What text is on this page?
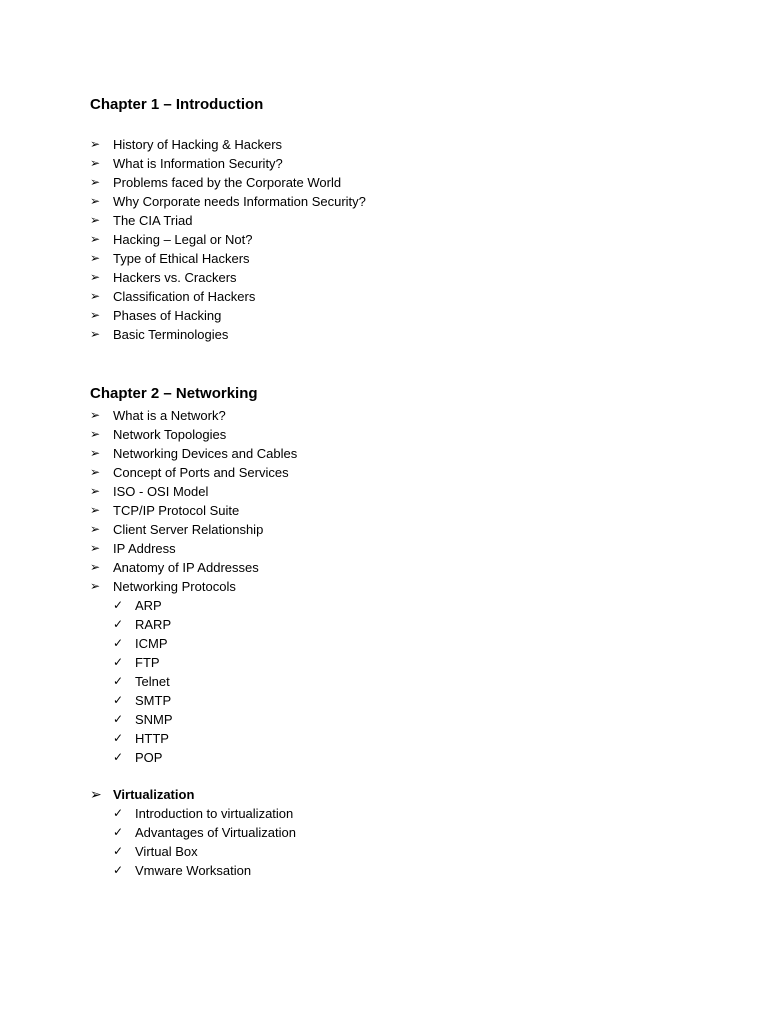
Chapter 1 – Introduction
➢ History of Hacking & Hackers
➢ What is Information Security?
➢ Problems faced by the Corporate World
➢ Why Corporate needs Information Security?
➢ The CIA Triad
➢ Hacking – Legal or Not?
➢ Type of Ethical Hackers
➢ Hackers vs. Crackers
➢ Classification of Hackers
➢ Phases of Hacking
➢ Basic Terminologies
Chapter 2 – Networking
➢ What is a Network?
➢ Network Topologies
➢ Networking Devices and Cables
➢ Concept of Ports and Services
➢ ISO - OSI Model
➢ TCP/IP Protocol Suite
➢ Client Server Relationship
➢ IP Address
➢ Anatomy of IP Addresses
➢ Networking Protocols
✓ ARP
✓ RARP
✓ ICMP
✓ FTP
✓ Telnet
✓ SMTP
✓ SNMP
✓ HTTP
✓ POP
➢ Virtualization
✓ Introduction to virtualization
✓ Advantages of Virtualization
✓ Virtual Box
✓ Vmware Worksation
